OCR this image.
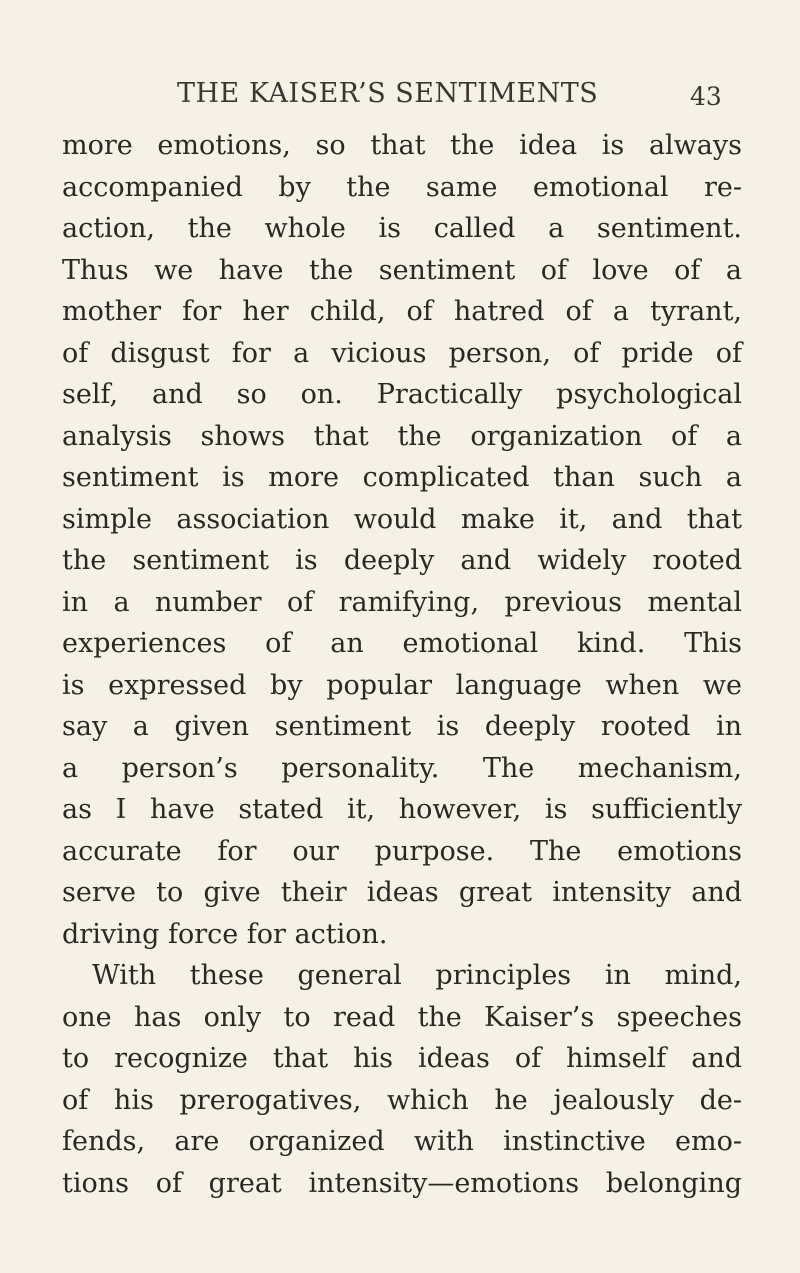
THE KAISER’S SENTIMENTS	43
more emotions, so that the idea is always
accompanied by the same emotional re-
action, the whole is called a sentiment.
Thus we have the sentiment of love of a
mother for her child, of hatred of a tyrant,
of disgust for a vicious person, of pride of
self, and so on. Practically psychological
analysis shows that the organization of a
sentiment is more complicated than such a
simple association would make it, and that
the sentiment is deeply and widely rooted
in a number of ramifying, previous mental
experiences of an emotional kind. This
is expressed by popular language when we
say a given sentiment is deeply rooted in
a person’s personality. The mechanism,
as I have stated it, however, is sufficiently
accurate for our purpose. The emotions
serve to give their ideas great intensity and
driving force for action.
With these general principles in mind,
one has only to read the Kaiser’s speeches
to recognize that his ideas of himself and
of his prerogatives, which he jealously de-
fends, are organized with instinctive emo-
tions of great intensity—emotions belonging
